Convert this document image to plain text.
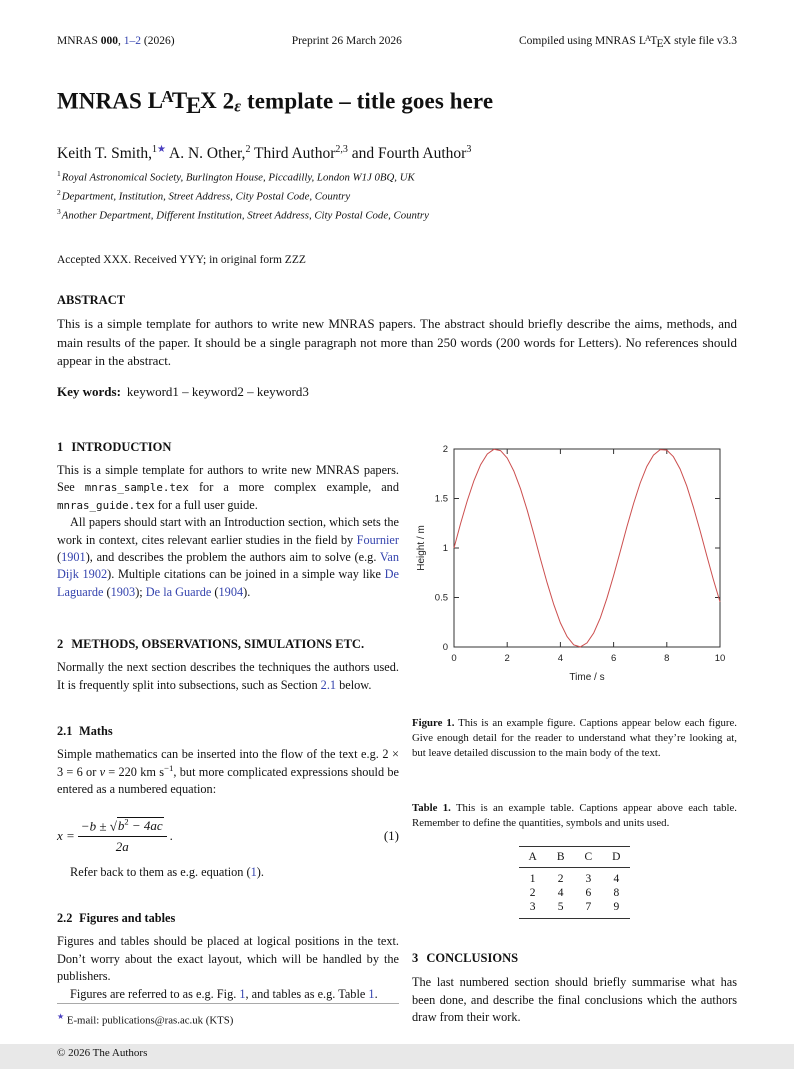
MNRAS 000, 1–2 (2026)	Preprint 26 March 2026	Compiled using MNRAS $L^ATEX$ style file v3.3
MNRAS $L^ATEX$ 2ε template – title goes here
Keith T. Smith,$^{1★}$ A. N. Other,$^2$ Third Author$^{2,3}$ and Fourth Author$^3$
$^1$Royal Astronomical Society, Burlington House, Piccadilly, London W1J 0BQ, UK
$^2$Department, Institution, Street Address, City Postal Code, Country
$^3$Another Department, Different Institution, Street Address, City Postal Code, Country
Accepted XXX. Received YYY; in original form ZZZ
ABSTRACT
This is a simple template for authors to write new MNRAS papers. The abstract should briefly describe the aims, methods, and main results of the paper. It should be a single paragraph not more than 250 words (200 words for Letters). No references should appear in the abstract.
Key words: keyword1 – keyword2 – keyword3
1 INTRODUCTION

This is a simple template for authors to write new MNRAS papers. See mnras_sample.tex for a more complex example, and mnras_guide.tex for a full user guide.

All papers should start with an Introduction section, which sets the work in context, cites relevant earlier studies in the field by Fournier (1901), and describes the problem the authors aim to solve (e.g. Van Dijk 1902). Multiple citations can be joined in a simple way like De Laguarde (1903); De la Guarde (1904).

2 METHODS, OBSERVATIONS, SIMULATIONS ETC.

Normally the next section describes the techniques the authors used. It is frequently split into subsections, such as Section 2.1 below.

2.1 Maths

Simple mathematics can be inserted into the flow of the text e.g. 2 × 3 = 6 or v = 220 km $s^{-1}$, but more complicated expressions should be entered as a numbered equation:

$x = \frac{-b \pm √b^2 - 4ac}{2a}$ .	(1)

Refer back to them as e.g. equation (1).

2.2 Figures and tables

Figures and tables should be placed at logical positions in the text. Don’t worry about the exact layout, which will be handled by the publishers.

Figures are referred to as e.g. Fig. 1, and tables as e.g. Table 1.

★ E-mail: publications@ras.ac.uk (KTS)
© 2026 The Authors
0	2	4	6	8	10
0
0.5
1
1.5
2
Time / s
Height / m
Figure 1. This is an example figure. Captions appear below each figure. Give enough detail for the reader to understand what they’re looking at, but leave detailed discussion to the main body of the text.
Table 1. This is an example table. Captions appear above each table. Remember to define the quantities, symbols and units used.
A	B	C	D
1	2	3	4
2	4	6	8
3	5	7	9
3 CONCLUSIONS

The last numbered section should briefly summarise what has been done, and describe the final conclusions which the authors draw from their work.
